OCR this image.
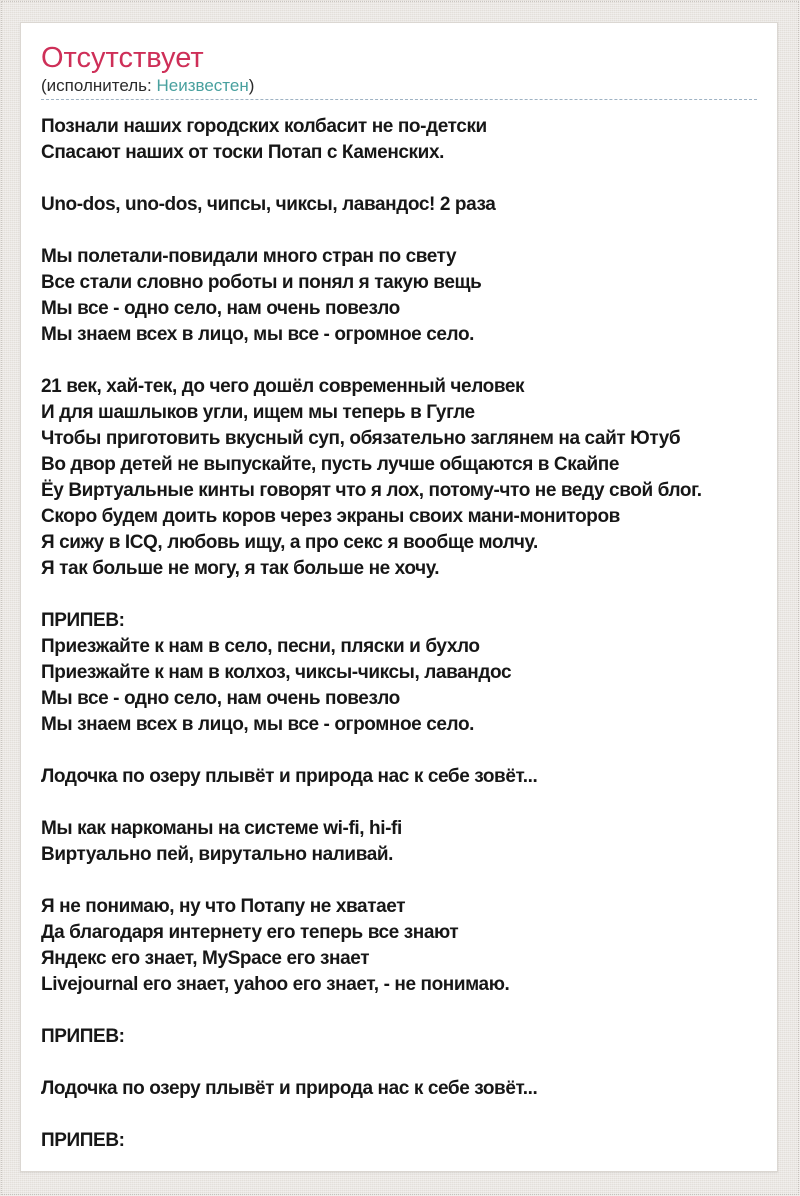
Отсутствует
(исполнитель: Неизвестен)
Познали наших городских колбасит не по-детски
Спасают наших от тоски Потап с Каменских.

Uno-dos, uno-dos, чипсы, чиксы, лавандос! 2 раза

Мы полетали-повидали много стран по свету
Все стали словно роботы и понял я такую вещь
Мы все - одно село, нам очень повезло
Мы знаем всех в лицо, мы все - огромное село.

21 век, хай-тек, до чего дошёл современный человек
И для шашлыков угли, ищем мы теперь в Гугле
Чтобы приготовить вкусный суп, обязательно заглянем на сайт Ютуб
Во двор детей не выпускайте, пусть лучше общаются в Скайпе
Ёу Виртуальные кинты говорят что я лох, потому-что не веду свой блог.
Скоро будем доить коров через экраны своих мани-мониторов
Я сижу в ICQ, любовь ищу, а про секс я вообще молчу.
Я так больше не могу, я так больше не хочу.

ПРИПЕВ:
Приезжайте к нам в село, песни, пляски и бухло
Приезжайте к нам в колхоз, чиксы-чиксы, лавандос
Мы все - одно село, нам очень повезло
Мы знаем всех в лицо, мы все - огромное село.

Лодочка по озеру плывёт и природа нас к себе зовёт...

Мы как наркоманы на системе wi-fi, hi-fi
Виртуально пей, вирутально наливай.

Я не понимаю, ну что Потапу не хватает
Да благодаря интернету его теперь все знают
Яндекс его знает, MySpace его знает
Livejournal его знает, yahoo его знает, - не понимаю.

ПРИПЕВ:

Лодочка по озеру плывёт и природа нас к себе зовёт...

ПРИПЕВ:
